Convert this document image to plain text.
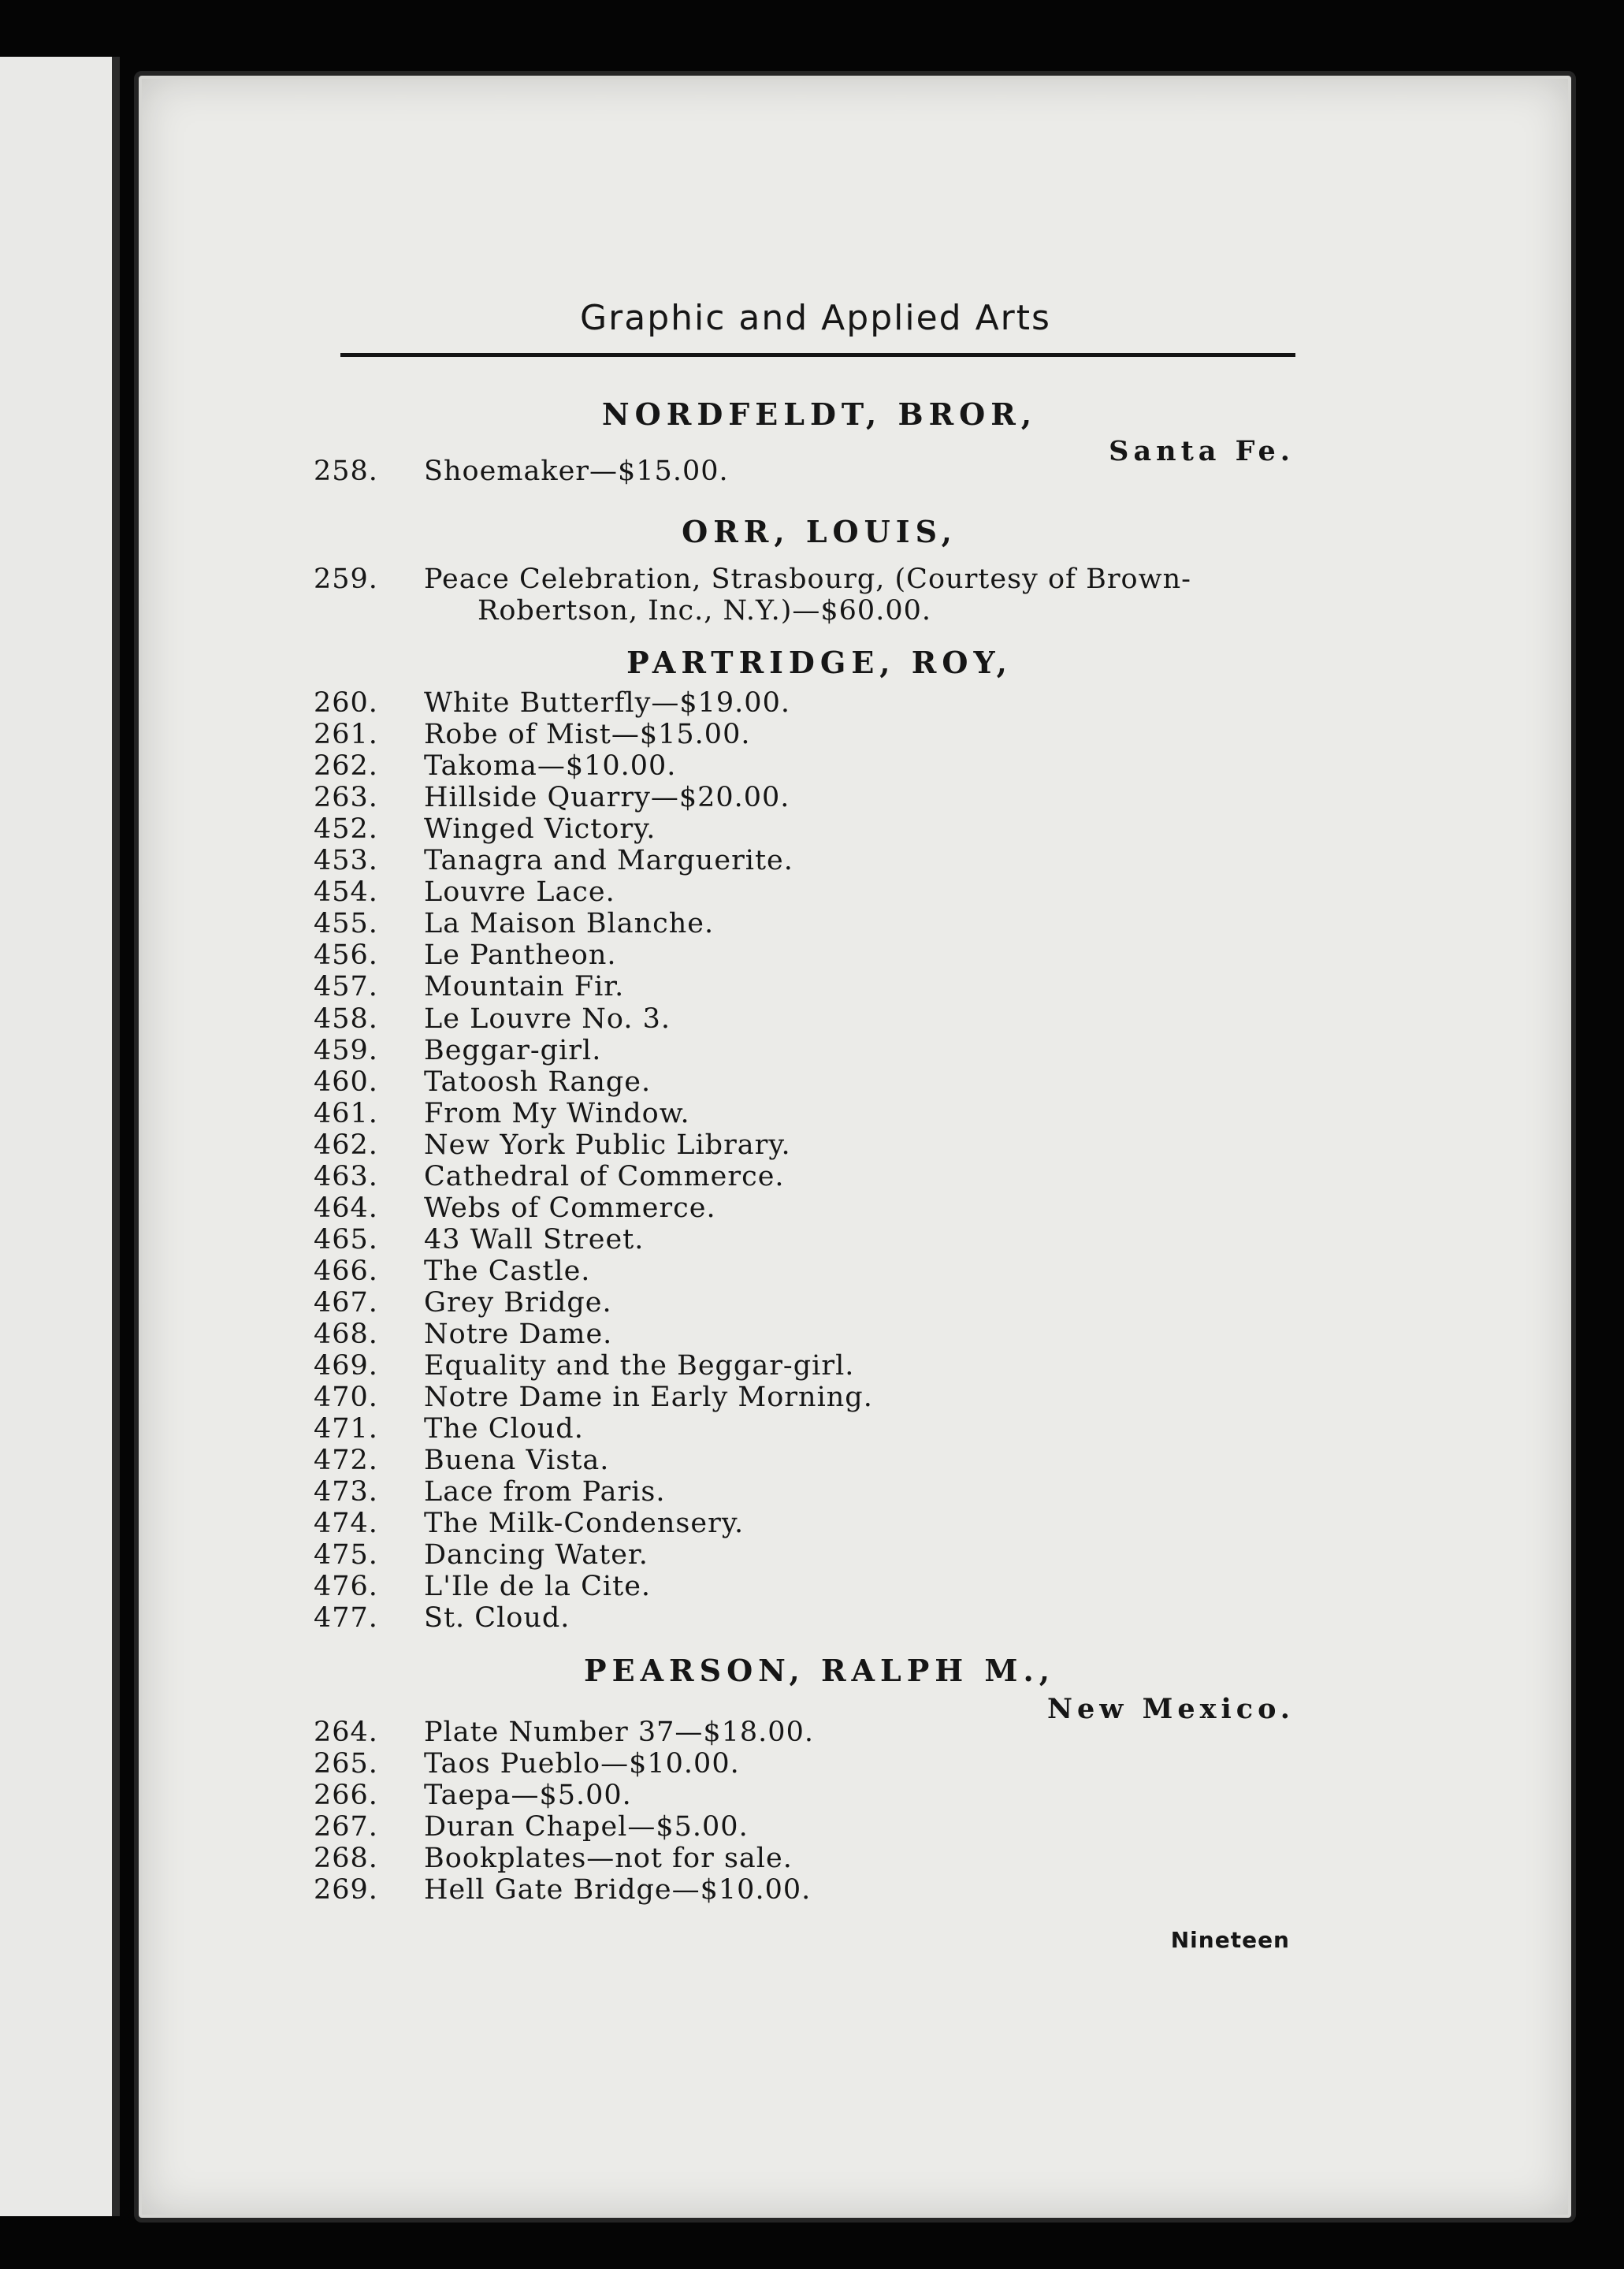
Graphic and Applied Arts
NORDFELDT, BROR,
Santa Fe.
258. Shoemaker—$15.00.
ORR, LOUIS,
259. Peace Celebration, Strasbourg, (Courtesy of Brown-
Robertson, Inc., N.Y.)—$60.00.
PARTRIDGE, ROY,
260. White Butterfly—$19.00.
261. Robe of Mist—$15.00.
262. Takoma—$10.00.
263. Hillside Quarry—$20.00.
452. Winged Victory.
453. Tanagra and Marguerite.
454. Louvre Lace.
455. La Maison Blanche.
456. Le Pantheon.
457. Mountain Fir.
458. Le Louvre No. 3.
459. Beggar-girl.
460. Tatoosh Range.
461. From My Window.
462. New York Public Library.
463. Cathedral of Commerce.
464. Webs of Commerce.
465. 43 Wall Street.
466. The Castle.
467. Grey Bridge.
468. Notre Dame.
469. Equality and the Beggar-girl.
470. Notre Dame in Early Morning.
471. The Cloud.
472. Buena Vista.
473. Lace from Paris.
474. The Milk-Condensery.
475. Dancing Water.
476. L'Ile de la Cite.
477. St. Cloud.
PEARSON, RALPH M.,
New Mexico.
264. Plate Number 37—$18.00.
265. Taos Pueblo—$10.00.
266. Taepa—$5.00.
267. Duran Chapel—$5.00.
268. Bookplates—not for sale.
269. Hell Gate Bridge—$10.00.
Nineteen
